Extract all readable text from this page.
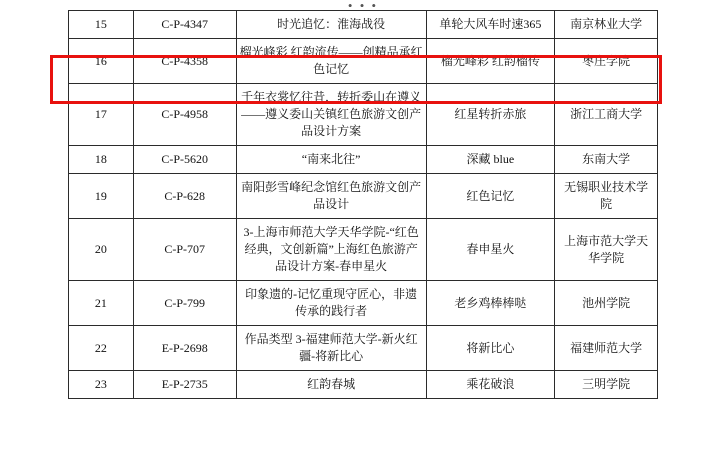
• • •
15	C-P-4347	时光追忆：淮海战役	单轮大风车时速365	南京林业大学
16	C-P-4358	榴光峰彩 红韵流传——创精品承红色记忆	榴光峰彩 红韵榴传	枣庄学院
17	C-P-4958	千年衣裳忆往昔，转折委山在遵义——遵义委山关镇红色旅游文创产品设计方案	红星转折赤旅	浙江工商大学
18	C-P-5620	“南来北往”	深藏 blue	东南大学
19	C-P-628	南阳彭雪峰纪念馆红色旅游文创产品设计	红色记忆	无锡职业技术学院
20	C-P-707	3-上海市师范大学天华学院-“红色经典，文创新篇”上海红色旅游产品设计方案-春申星火	春申星火	上海市范大学天华学院
21	C-P-799	印象遗的-记忆重现守匠心，非遗传承的践行者	老乡鸡棒棒哒	池州学院
22	E-P-2698	作品类型 3-福建师范大学-新火红疆-将新比心	将新比心	福建师范大学
23	E-P-2735	红韵春城	乘花破浪	三明学院
